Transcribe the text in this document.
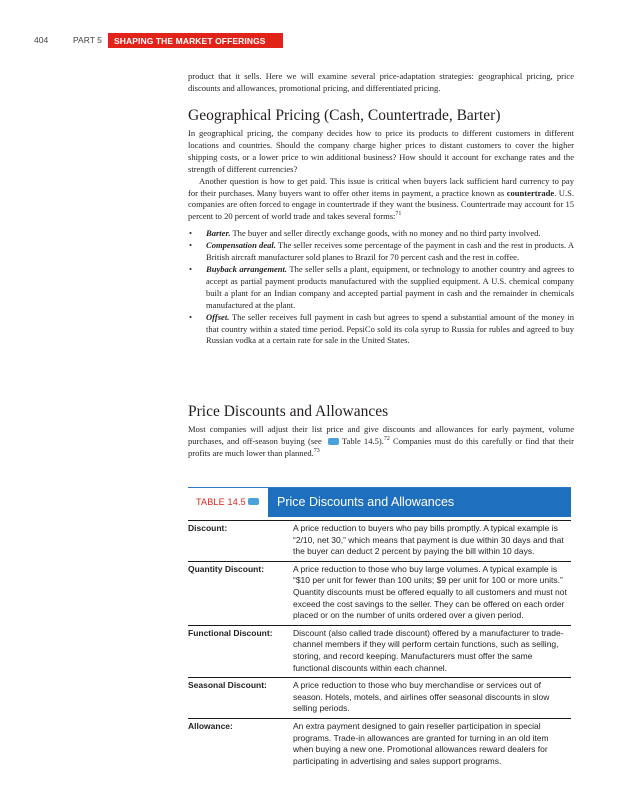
404	PART 5 SHAPING THE MARKET OFFERINGS

product that it sells. Here we will examine several price-adaptation strategies: geographical pricing, price discounts and allowances, promotional pricing, and differentiated pricing.

Geographical Pricing (Cash, Countertrade, Barter)

In geographical pricing, the company decides how to price its products to different customers in different locations and countries. Should the company charge higher prices to distant customers to cover the higher shipping costs, or a lower price to win additional business? How should it account for exchange rates and the strength of different currencies?

Another question is how to get paid. This issue is critical when buyers lack sufficient hard currency to pay for their purchases. Many buyers want to offer other items in payment, a practice known as countertrade. U.S. companies are often forced to engage in countertrade if they want the business. Countertrade may account for 15 percent to 20 percent of world trade and takes several forms:$^{71}$

• Barter. The buyer and seller directly exchange goods, with no money and no third party involved.
• Compensation deal. The seller receives some percentage of the payment in cash and the rest in products. A British aircraft manufacturer sold planes to Brazil for 70 percent cash and the rest in coffee.
• Buyback arrangement. The seller sells a plant, equipment, or technology to another country and agrees to accept as partial payment products manufactured with the supplied equipment. A U.S. chemical company built a plant for an Indian company and accepted partial payment in cash and the remainder in chemicals manufactured at the plant.
• Offset. The seller receives full payment in cash but agrees to spend a substantial amount of the money in that country within a stated time period. PepsiCo sold its cola syrup to Russia for rubles and agreed to buy Russian vodka at a certain rate for sale in the United States.
Price Discounts and Allowances

Most companies will adjust their list price and give discounts and allowances for early payment, volume purchases, and off-season buying (see Table 14.5).$^{72}$ Companies must do this carefully or find that their profits are much lower than planned.$^{73}$

TABLE 14.5 Price Discounts and Allowances
Discount:	A price reduction to buyers who pay bills promptly. A typical example is “2/10, net 30,” which means that payment is due within 30 days and that the buyer can deduct 2 percent by paying the bill within 10 days.
Quantity Discount:	A price reduction to those who buy large volumes. A typical example is “$10 per unit for fewer than 100 units; $9 per unit for 100 or more units.” Quantity discounts must be offered equally to all customers and must not exceed the cost savings to the seller. They can be offered on each order placed or on the number of units ordered over a given period.
Functional Discount:	Discount (also called trade discount) offered by a manufacturer to trade-channel members if they will perform certain functions, such as selling, storing, and record keeping. Manufacturers must offer the same functional discounts within each channel.
Seasonal Discount:	A price reduction to those who buy merchandise or services out of season. Hotels, motels, and airlines offer seasonal discounts in slow selling periods.
Allowance:	An extra payment designed to gain reseller participation in special programs. Trade-in allowances are granted for turning in an old item when buying a new one. Promotional allowances reward dealers for participating in advertising and sales support programs.
